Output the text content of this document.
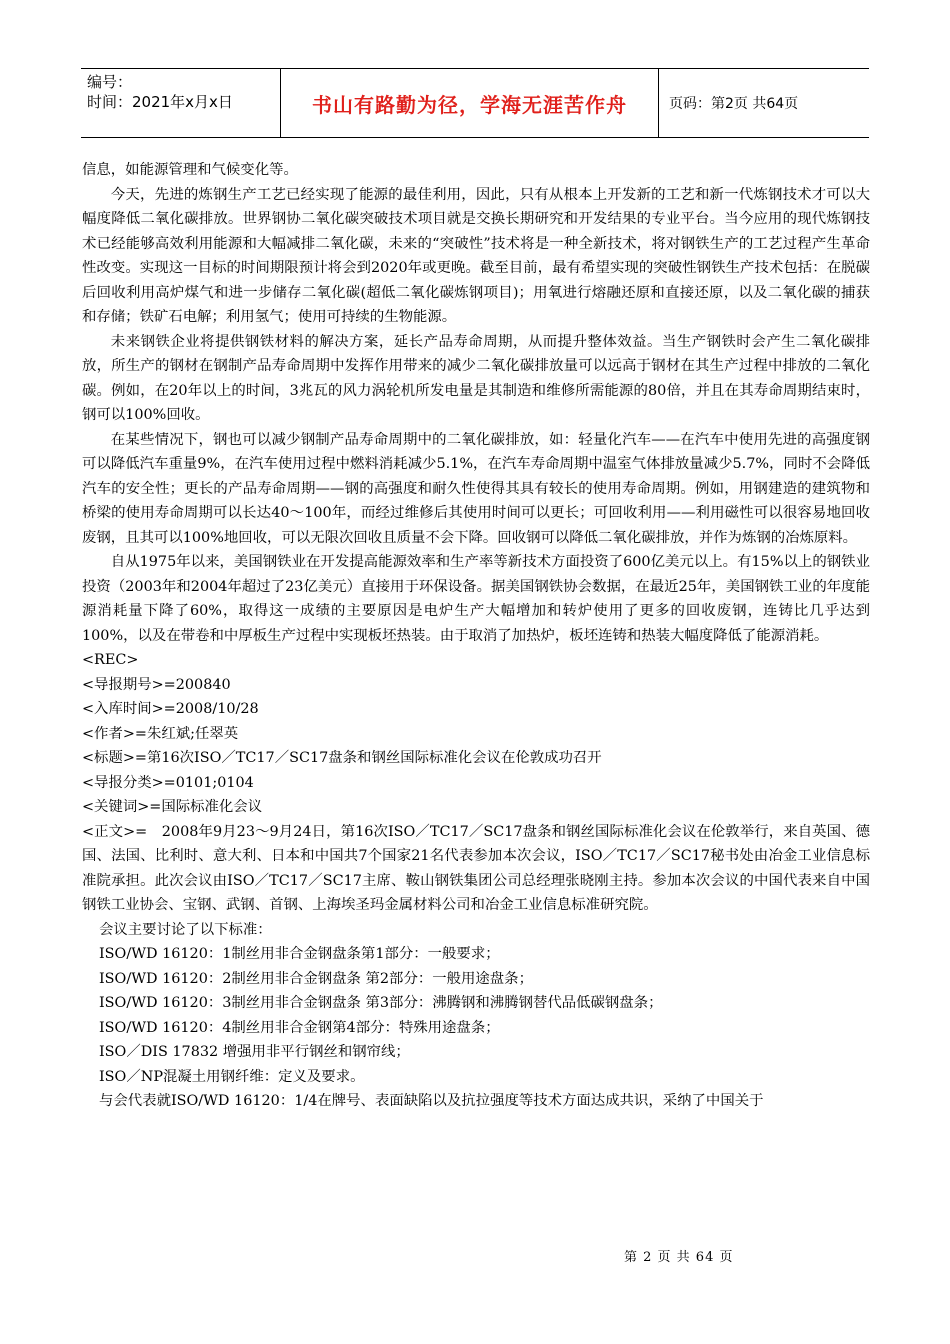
编号：
时间：2021年x月x日	书山有路勤为径，学海无涯苦作舟	页码：第2页 共64页

信息，如能源管理和气候变化等。

今天，先进的炼钢生产工艺已经实现了能源的最佳利用，因此，只有从根本上开发新的工艺和新一代炼钢技术才可以大幅度降低二氧化碳排放。世界钢协二氧化碳突破技术项目就是交换长期研究和开发结果的专业平台。当今应用的现代炼钢技术已经能够高效利用能源和大幅减排二氧化碳，未来的“突破性”技术将是一种全新技术，将对钢铁生产的工艺过程产生革命性改变。实现这一目标的时间期限预计将会到2020年或更晚。截至目前，最有希望实现的突破性钢铁生产技术包括：在脱碳后回收利用高炉煤气和进一步储存二氧化碳(超低二氧化碳炼钢项目)；用氧进行熔融还原和直接还原，以及二氧化碳的捕获和存储；铁矿石电解；利用氢气；使用可持续的生物能源。

未来钢铁企业将提供钢铁材料的解决方案，延长产品寿命周期，从而提升整体效益。当生产钢铁时会产生二氧化碳排放，所生产的钢材在钢制产品寿命周期中发挥作用带来的减少二氧化碳排放量可以远高于钢材在其生产过程中排放的二氧化碳。例如，在20年以上的时间，3兆瓦的风力涡轮机所发电量是其制造和维修所需能源的80倍，并且在其寿命周期结束时，钢可以100%回收。

在某些情况下，钢也可以减少钢制产品寿命周期中的二氧化碳排放，如：轻量化汽车——在汽车中使用先进的高强度钢可以降低汽车重量9%，在汽车使用过程中燃料消耗减少5.1%，在汽车寿命周期中温室气体排放量减少5.7%，同时不会降低汽车的安全性；更长的产品寿命周期——钢的高强度和耐久性使得其具有较长的使用寿命周期。例如，用钢建造的建筑物和桥梁的使用寿命周期可以长达40～100年，而经过维修后其使用时间可以更长；可回收利用——利用磁性可以很容易地回收废钢，且其可以100%地回收，可以无限次回收且质量不会下降。回收钢可以降低二氧化碳排放，并作为炼钢的冶炼原料。

自从1975年以来，美国钢铁业在开发提高能源效率和生产率等新技术方面投资了600亿美元以上。有15%以上的钢铁业投资（2003年和2004年超过了23亿美元）直接用于环保设备。据美国钢铁协会数据，在最近25年，美国钢铁工业的年度能源消耗量下降了60%，取得这一成绩的主要原因是电炉生产大幅增加和转炉使用了更多的回收废钢，连铸比几乎达到100%，以及在带卷和中厚板生产过程中实现板坯热装。由于取消了加热炉，板坯连铸和热装大幅度降低了能源消耗。

<REC>

<导报期号>=200840

<入库时间>=2008/10/28

<作者>=朱红斌;任翠英

<标题>=第16次ISO／TC17／SC17盘条和钢丝国际标准化会议在伦敦成功召开

<导报分类>=0101;0104

<关键词>=国际标准化会议

<正文>=　2008年9月23～9月24日，第16次ISO／TC17／SC17盘条和钢丝国际标准化会议在伦敦举行，来自英国、德国、法国、比利时、意大利、日本和中国共7个国家21名代表参加本次会议，ISO／TC17／SC17秘书处由冶金工业信息标准院承担。此次会议由ISO／TC17／SC17主席、鞍山钢铁集团公司总经理张晓刚主持。参加本次会议的中国代表来自中国钢铁工业协会、宝钢、武钢、首钢、上海埃圣玛金属材料公司和冶金工业信息标准研究院。

会议主要讨论了以下标准：

ISO/WD 16120：1制丝用非合金钢盘条第1部分：一般要求；

ISO/WD 16120：2制丝用非合金钢盘条 第2部分：一般用途盘条；

ISO/WD 16120：3制丝用非合金钢盘条 第3部分：沸腾钢和沸腾钢替代品低碳钢盘条；

ISO/WD 16120：4制丝用非合金钢第4部分：特殊用途盘条；

ISO／DIS 17832 增强用非平行钢丝和钢帘线；

ISO／NP混凝土用钢纤维：定义及要求。

与会代表就ISO/WD 16120：1/4在牌号、表面缺陷以及抗拉强度等技术方面达成共识，采纳了中国关于

第 2 页 共 64 页
